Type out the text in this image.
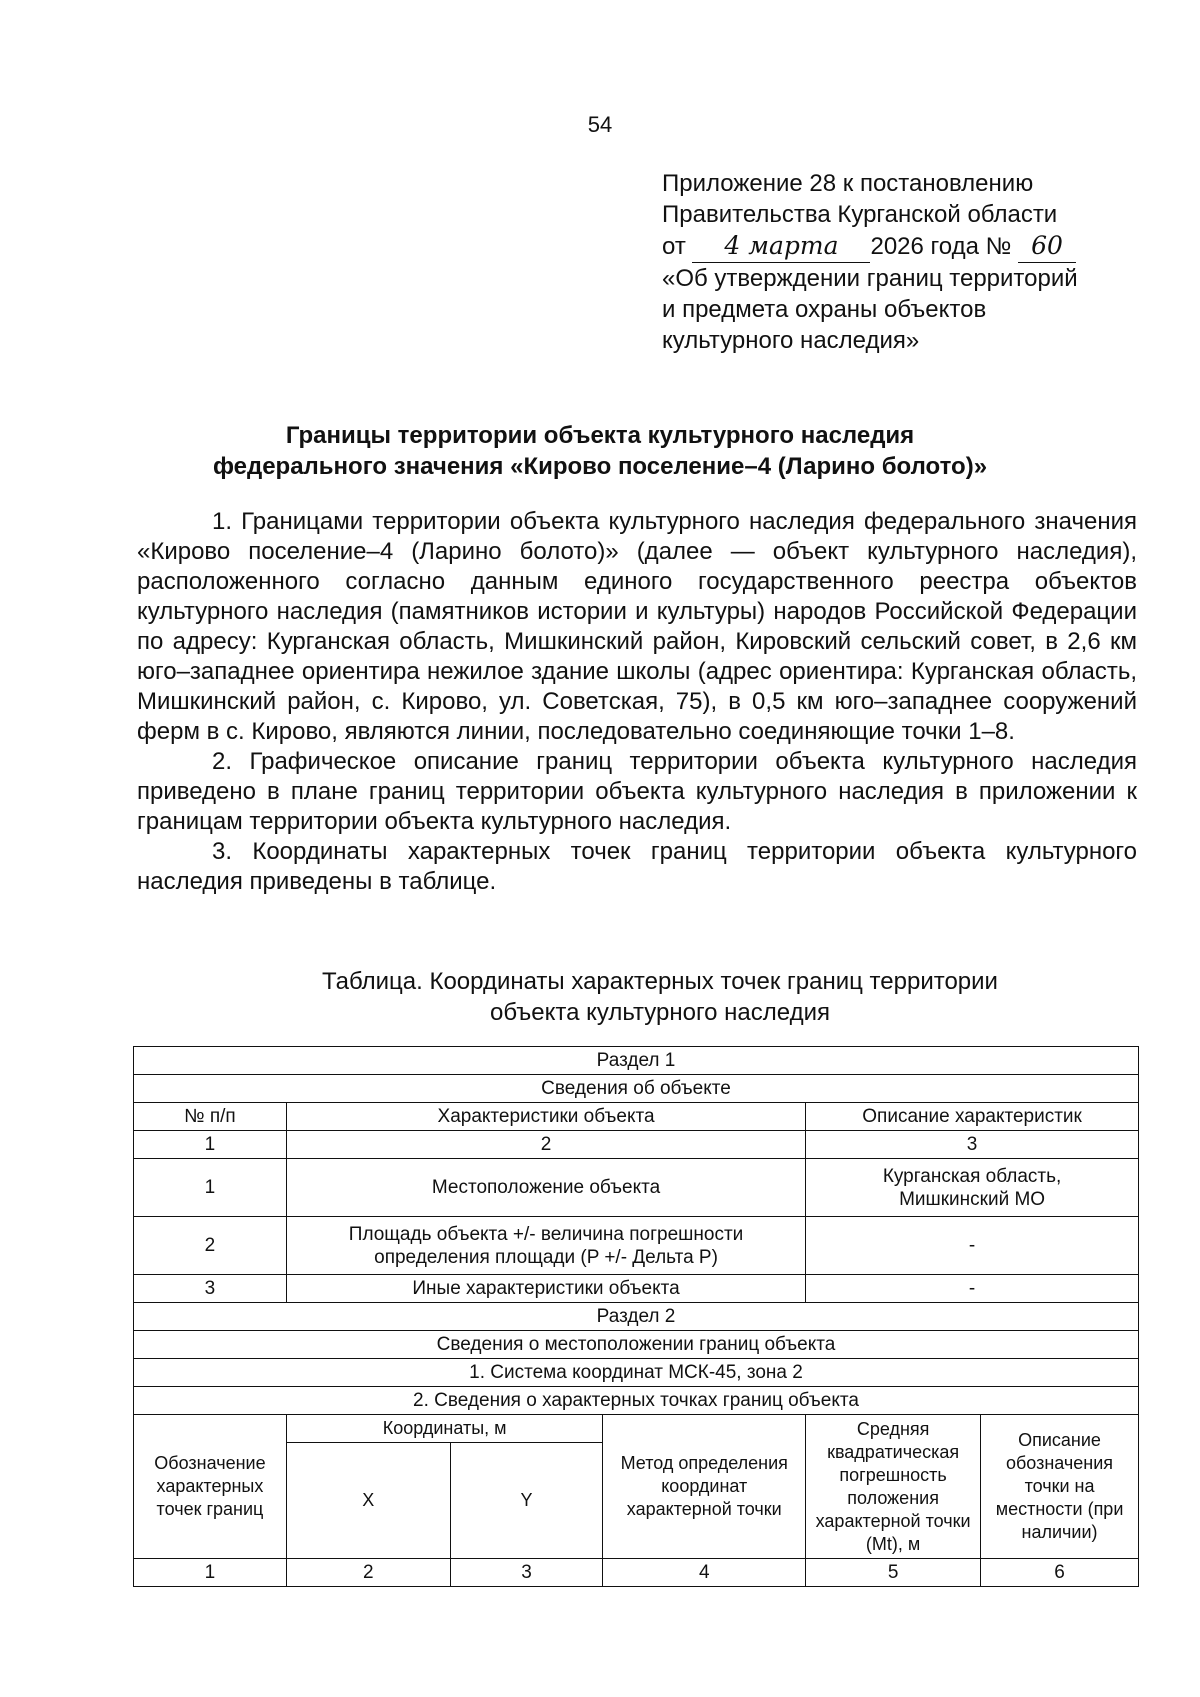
54
Приложение 28 к постановлению
Правительства Курганской области
от 4 марта 2026 года № 60
«Об утверждении границ территорий
и предмета охраны объектов
культурного наследия»
Границы территории объекта культурного наследия
федерального значения «Кирово поселение–4 (Ларино болото)»

1. Границами территории объекта культурного наследия федерального значения «Кирово поселение–4 (Ларино болото)» (далее — объект культурного наследия), расположенного согласно данным единого государственного реестра объектов культурного наследия (памятников истории и культуры) народов Российской Федерации по адресу: Курганская область, Мишкинский район, Кировский сельский совет, в 2,6 км юго–западнее ориентира нежилое здание школы (адрес ориентира: Курганская область, Мишкинский район, с. Кирово, ул. Советская, 75), в 0,5 км юго–западнее сооружений ферм в с. Кирово, являются линии, последовательно соединяющие точки 1–8.

2. Графическое описание границ территории объекта культурного наследия приведено в плане границ территории объекта культурного наследия в приложении к границам территории объекта культурного наследия.

3. Координаты характерных точек границ территории объекта культурного наследия приведены в таблице.

Таблица. Координаты характерных точек границ территории
объекта культурного наследия
Раздел 1					
Сведения об объекте					
№ п/п	Характеристики объекта			Описание характеристик	
1	2			3	
1	Местоположение объекта			Курганская область,
Мишкинский МО	

2	Площадь объекта +/- величина погрешности
определения площади (P +/- Дельта P)			-	
3	Иные характеристики объекта			-	
Раздел 2					
Сведения о местоположении границ объекта					
1. Система координат МСК-45, зона 2					
2. Сведения о характерных точках границ объекта					
Обозначение характерных точек границ	Координаты, м		Метод определения координат характерной точки	Средняя квадратическая погрешность положения характерной точки (Mt), м	Описание обозначения точки на местности (при наличии)
	X	Y			
1	2	3	4	5	6
